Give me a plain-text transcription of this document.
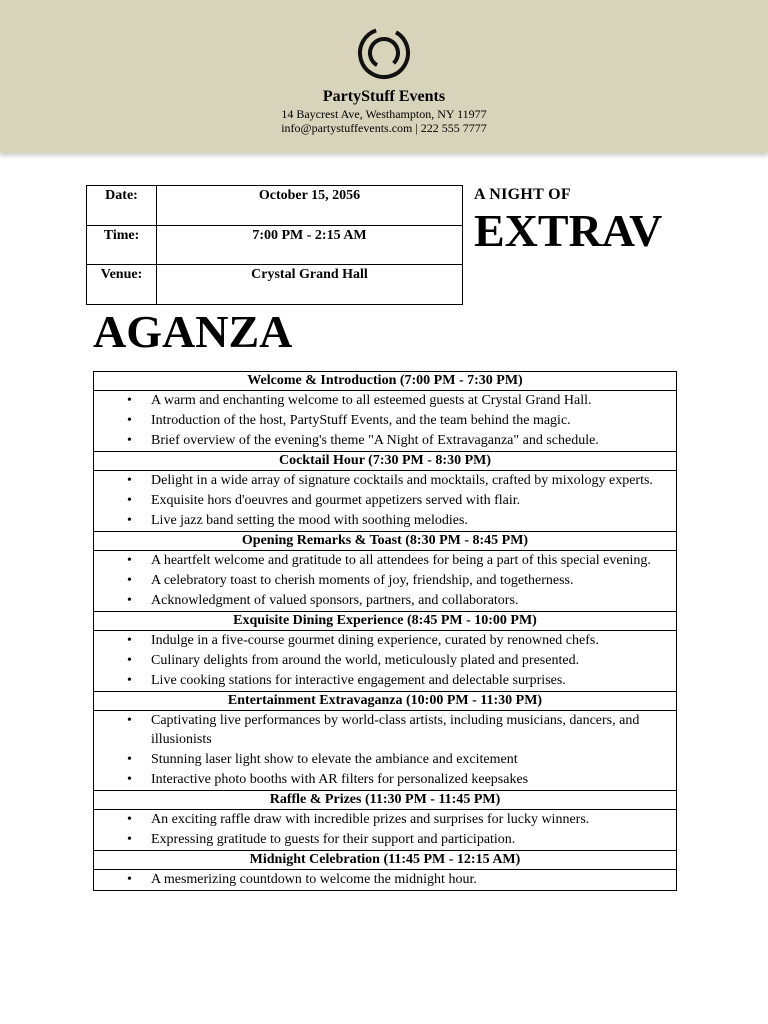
PartyStuff Events
14 Baycrest Ave, Westhampton, NY 11977
info@partystuffevents.com | 222 555 7777
Date:	October 15, 2056
Time:	7:00 PM - 2:15 AM
Venue:	Crystal Grand Hall
A NIGHT OF
EXTRAV
AGANZA
Welcome & Introduction (7:00 PM - 7:30 PM)
• A warm and enchanting welcome to all esteemed guests at Crystal Grand Hall.
• Introduction of the host, PartyStuff Events, and the team behind the magic.
• Brief overview of the evening's theme "A Night of Extravaganza" and schedule.
Cocktail Hour (7:30 PM - 8:30 PM)
• Delight in a wide array of signature cocktails and mocktails, crafted by mixology experts.
• Exquisite hors d'oeuvres and gourmet appetizers served with flair.
• Live jazz band setting the mood with soothing melodies.
Opening Remarks & Toast (8:30 PM - 8:45 PM)
• A heartfelt welcome and gratitude to all attendees for being a part of this special evening.
• A celebratory toast to cherish moments of joy, friendship, and togetherness.
• Acknowledgment of valued sponsors, partners, and collaborators.
Exquisite Dining Experience (8:45 PM - 10:00 PM)
• Indulge in a five-course gourmet dining experience, curated by renowned chefs.
• Culinary delights from around the world, meticulously plated and presented.
• Live cooking stations for interactive engagement and delectable surprises.
Entertainment Extravaganza (10:00 PM - 11:30 PM)
• Captivating live performances by world-class artists, including musicians, dancers, and illusionists
• Stunning laser light show to elevate the ambiance and excitement
• Interactive photo booths with AR filters for personalized keepsakes
Raffle & Prizes (11:30 PM - 11:45 PM)
• An exciting raffle draw with incredible prizes and surprises for lucky winners.
• Expressing gratitude to guests for their support and participation.
Midnight Celebration (11:45 PM - 12:15 AM)
• A mesmerizing countdown to welcome the midnight hour.
